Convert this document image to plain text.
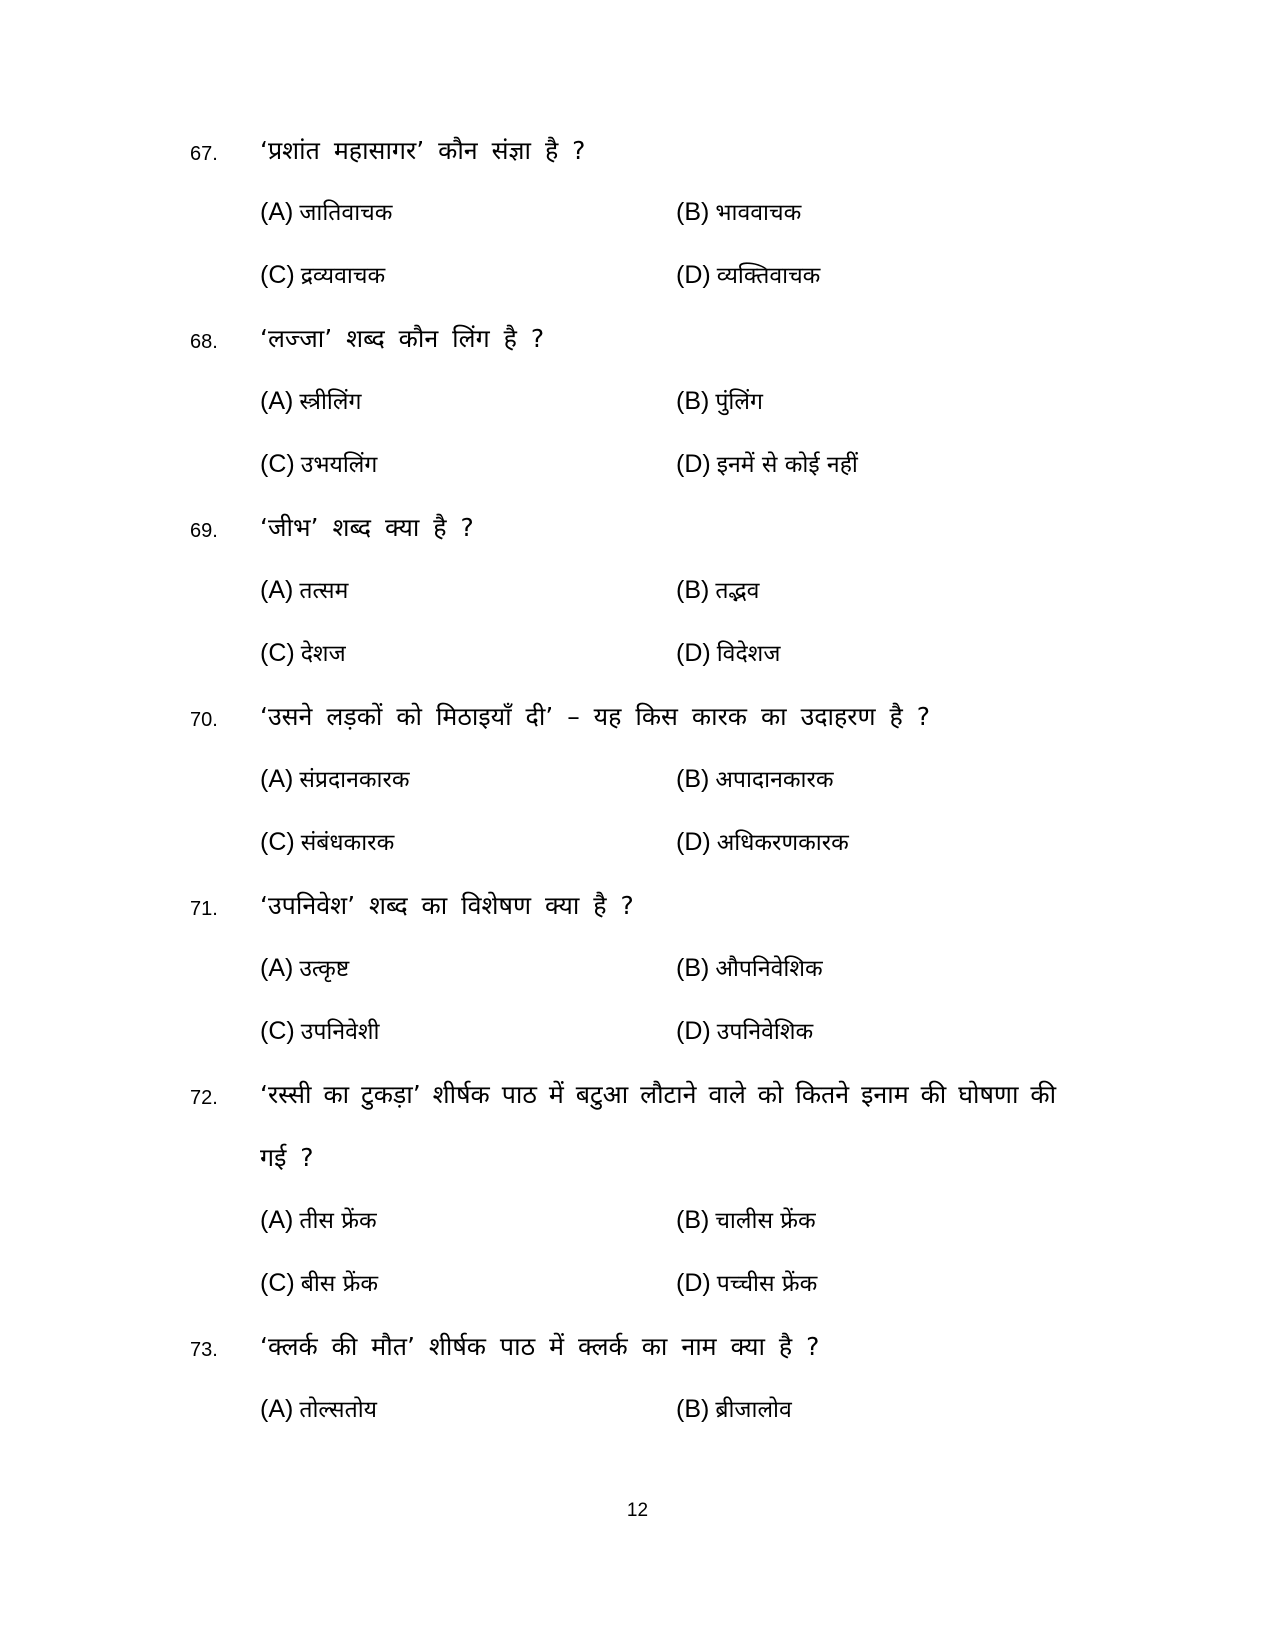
67. ‘प्रशांत महासागर’ कौन संज्ञा है ?
(A) जातिवाचक	(B) भाववाचक
(C) द्रव्यवाचक	(D) व्यक्तिवाचक
68. ‘लज्जा’ शब्द कौन लिंग है ?
(A) स्त्रीलिंग	(B) पुंलिंग
(C) उभयलिंग	(D) इनमें से कोई नहीं
69. ‘जीभ’ शब्द क्या है ?
(A) तत्सम	(B) तद्भव
(C) देशज	(D) विदेशज
70. ‘उसने लड़कों को मिठाइयाँ दी’ – यह किस कारक का उदाहरण है ?
(A) संप्रदानकारक	(B) अपादानकारक
(C) संबंधकारक	(D) अधिकरणकारक
71. ‘उपनिवेश’ शब्द का विशेषण क्या है ?
(A) उत्कृष्ट	(B) औपनिवेशिक
(C) उपनिवेशी	(D) उपनिवेशिक
72. ‘रस्सी का टुकड़ा’ शीर्षक पाठ में बटुआ लौटाने वाले को कितने इनाम की घोषणा की
गई ?
(A) तीस फ्रेंक	(B) चालीस फ्रेंक
(C) बीस फ्रेंक	(D) पच्चीस फ्रेंक
73. ‘क्लर्क की मौत’ शीर्षक पाठ में क्लर्क का नाम क्या है ?
(A) तोल्सतोय	(B) ब्रीजालोव
12
